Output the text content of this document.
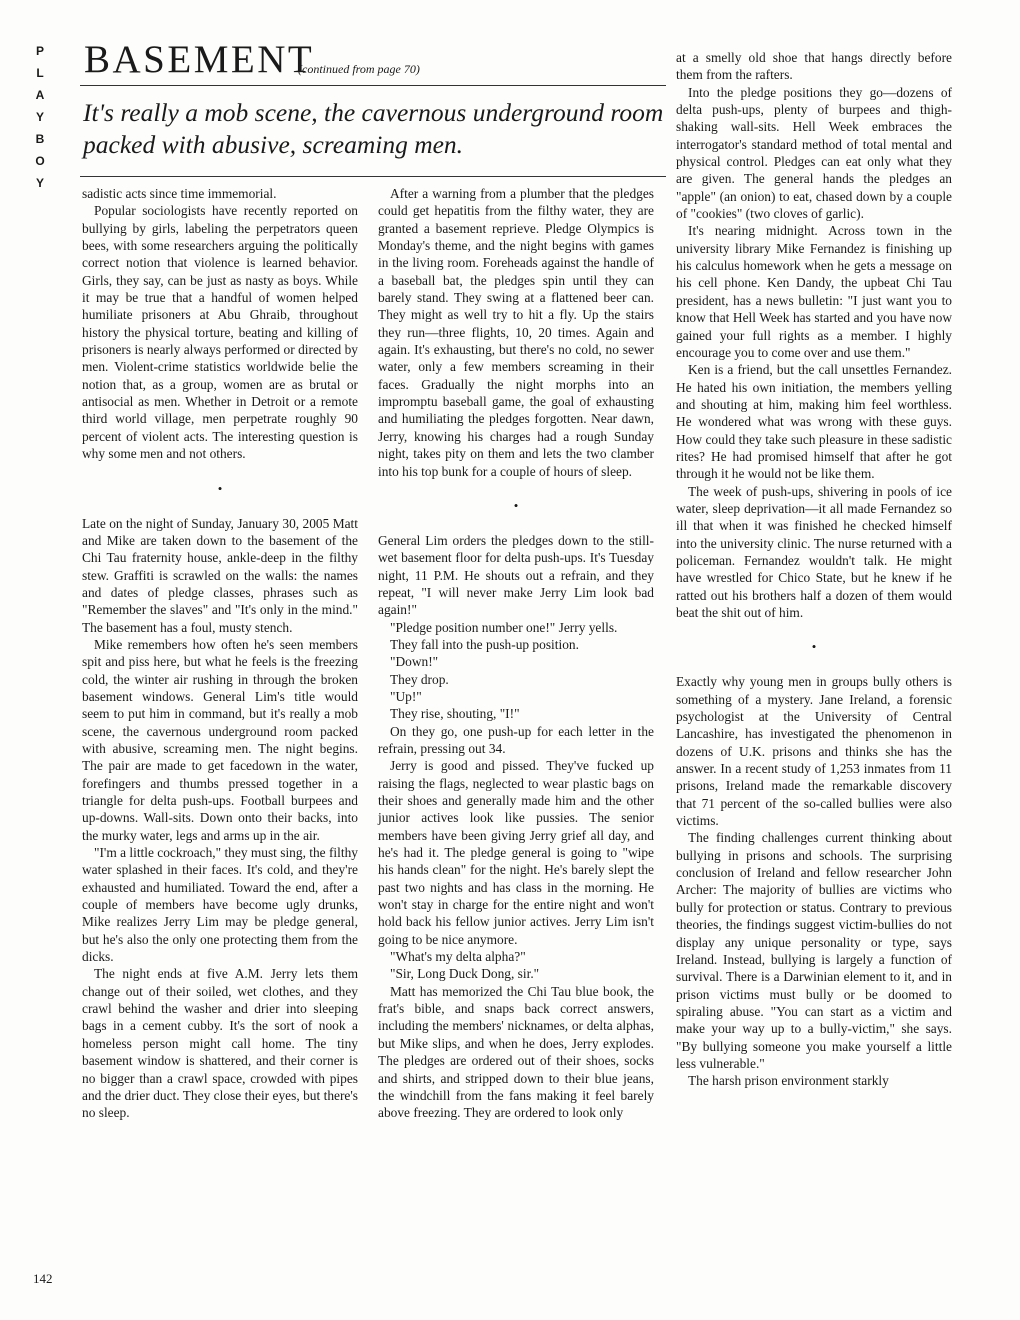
P
L
A
Y
B
O
Y
BASEMENT
(continued from page 70)
It's really a mob scene, the cavernous underground room packed with abusive, screaming men.

sadistic acts since time immemorial.

Popular sociologists have recently reported on bullying by girls, labeling the perpetrators queen bees, with some researchers arguing the politically correct notion that violence is learned behavior. Girls, they say, can be just as nasty as boys. While it may be true that a handful of women helped humiliate prisoners at Abu Ghraib, throughout history the physical torture, beating and killing of prisoners is nearly always performed or directed by men. Violent-crime statistics worldwide belie the notion that, as a group, women are as brutal or antisocial as men. Whether in Detroit or a remote third world village, men perpetrate roughly 90 percent of violent acts. The interesting question is why some men and not others.

•

Late on the night of Sunday, January 30, 2005 Matt and Mike are taken down to the basement of the Chi Tau fraternity house, ankle-deep in the filthy stew. Graffiti is scrawled on the walls: the names and dates of pledge classes, phrases such as "Remember the slaves" and "It's only in the mind." The basement has a foul, musty stench.

Mike remembers how often he's seen members spit and piss here, but what he feels is the freezing cold, the winter air rushing in through the broken basement windows. General Lim's title would seem to put him in command, but it's really a mob scene, the cavernous underground room packed with abusive, screaming men. The night begins. The pair are made to get facedown in the water, forefingers and thumbs pressed together in a triangle for delta push-ups. Football burpees and up-downs. Wall-sits. Down onto their backs, into the murky water, legs and arms up in the air.

"I'm a little cockroach," they must sing, the filthy water splashed in their faces. It's cold, and they're exhausted and humiliated. Toward the end, after a couple of members have become ugly drunks, Mike realizes Jerry Lim may be pledge general, but he's also the only one protecting them from the dicks.

The night ends at five A.M. Jerry lets them change out of their soiled, wet clothes, and they crawl behind the washer and drier into sleeping bags in a cement cubby. It's the sort of nook a homeless person might call home. The tiny basement window is shattered, and their corner is no bigger than a crawl space, crowded with pipes and the drier duct. They close their eyes, but there's no sleep.

After a warning from a plumber that the pledges could get hepatitis from the filthy water, they are granted a basement reprieve. Pledge Olympics is Monday's theme, and the night begins with games in the living room. Foreheads against the handle of a baseball bat, the pledges spin until they can barely stand. They swing at a flattened beer can. They might as well try to hit a fly. Up the stairs they run—three flights, 10, 20 times. Again and again. It's exhausting, but there's no cold, no sewer water, only a few members screaming in their faces. Gradually the night morphs into an impromptu baseball game, the goal of exhausting and humiliating the pledges forgotten. Near dawn, Jerry, knowing his charges had a rough Sunday night, takes pity on them and lets the two clamber into his top bunk for a couple of hours of sleep.

•

General Lim orders the pledges down to the still-wet basement floor for delta push-ups. It's Tuesday night, 11 P.M. He shouts out a refrain, and they repeat, "I will never make Jerry Lim look bad again!"

"Pledge position number one!" Jerry yells.

They fall into the push-up position.

"Down!"

They drop.

"Up!"

They rise, shouting, "I!"

On they go, one push-up for each letter in the refrain, pressing out 34.

Jerry is good and pissed. They've fucked up raising the flags, neglected to wear plastic bags on their shoes and generally made him and the other junior actives look like pussies. The senior members have been giving Jerry grief all day, and he's had it. The pledge general is going to "wipe his hands clean" for the night. He's barely slept the past two nights and has class in the morning. He won't stay in charge for the entire night and won't hold back his fellow junior actives. Jerry Lim isn't going to be nice anymore.

"What's my delta alpha?"

"Sir, Long Duck Dong, sir."

Matt has memorized the Chi Tau blue book, the frat's bible, and snaps back correct answers, including the members' nicknames, or delta alphas, but Mike slips, and when he does, Jerry explodes. The pledges are ordered out of their shoes, socks and shirts, and stripped down to their blue jeans, the windchill from the fans making it feel barely above freezing. They are ordered to look only

at a smelly old shoe that hangs directly before them from the rafters.

Into the pledge positions they go—dozens of delta push-ups, plenty of burpees and thigh-shaking wall-sits. Hell Week embraces the interrogator's standard method of total mental and physical control. Pledges can eat only what they are given. The general hands the pledges an "apple" (an onion) to eat, chased down by a couple of "cookies" (two cloves of garlic).

It's nearing midnight. Across town in the university library Mike Fernandez is finishing up his calculus homework when he gets a message on his cell phone. Ken Dandy, the upbeat Chi Tau president, has a news bulletin: "I just want you to know that Hell Week has started and you have now gained your full rights as a member. I highly encourage you to come over and use them."

Ken is a friend, but the call unsettles Fernandez. He hated his own initiation, the members yelling and shouting at him, making him feel worthless. He wondered what was wrong with these guys. How could they take such pleasure in these sadistic rites? He had promised himself that after he got through it he would not be like them.

The week of push-ups, shivering in pools of ice water, sleep deprivation—it all made Fernandez so ill that when it was finished he checked himself into the university clinic. The nurse returned with a policeman. Fernandez wouldn't talk. He might have wrestled for Chico State, but he knew if he ratted out his brothers half a dozen of them would beat the shit out of him.

•

Exactly why young men in groups bully others is something of a mystery. Jane Ireland, a forensic psychologist at the University of Central Lancashire, has investigated the phenomenon in dozens of U.K. prisons and thinks she has the answer. In a recent study of 1,253 inmates from 11 prisons, Ireland made the remarkable discovery that 71 percent of the so-called bullies were also victims.

The finding challenges current thinking about bullying in prisons and schools. The surprising conclusion of Ireland and fellow researcher John Archer: The majority of bullies are victims who bully for protection or status. Contrary to previous theories, the findings suggest victim-bullies do not display any unique personality or type, says Ireland. Instead, bullying is largely a function of survival. There is a Darwinian element to it, and in prison victims must bully or be doomed to spiraling abuse. "You can start as a victim and make your way up to a bully-victim," she says. "By bullying someone you make yourself a little less vulnerable."

The harsh prison environment starkly

142
